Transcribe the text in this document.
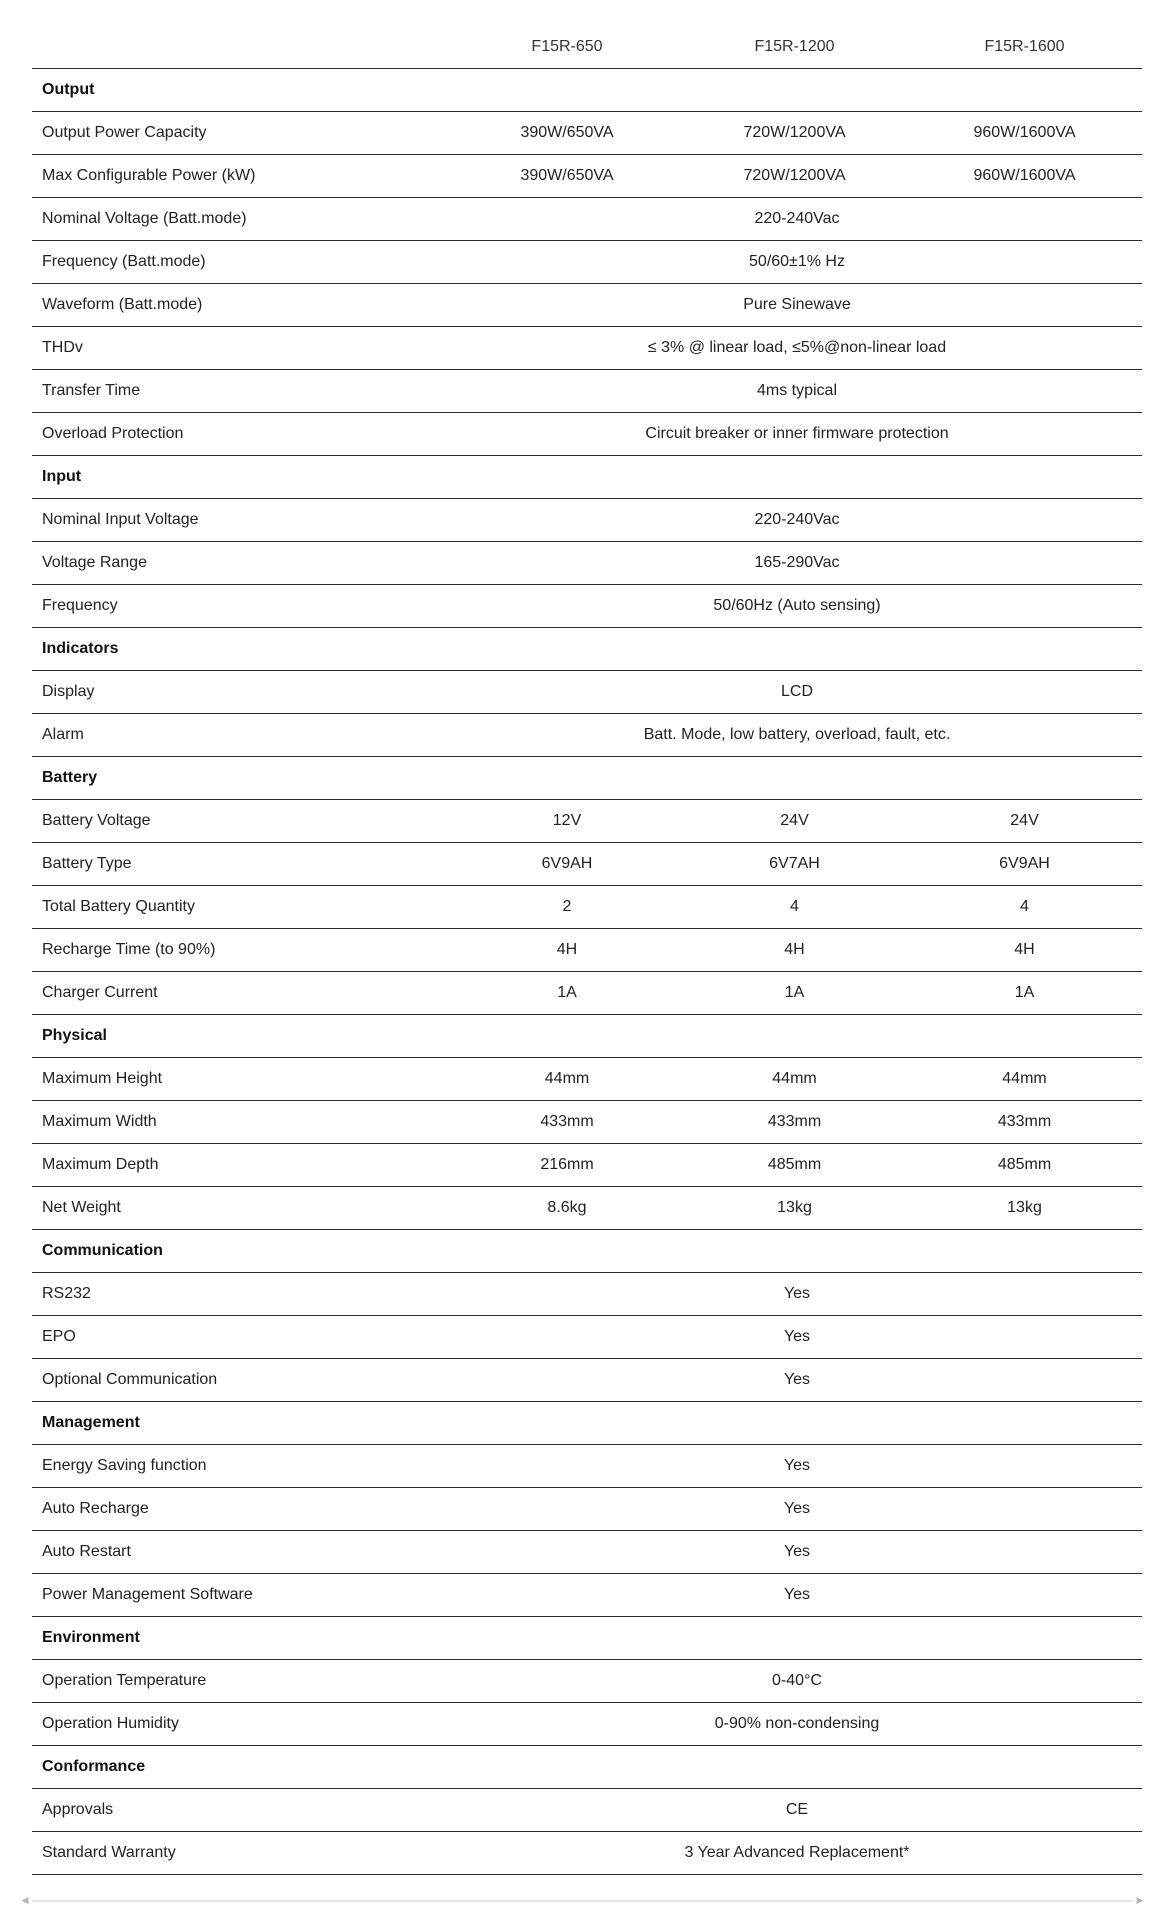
	F15R-650	F15R-1200	F15R-1600
Output			
Output Power Capacity	390W/650VA	720W/1200VA	960W/1600VA
Max Configurable Power (kW)	390W/650VA	720W/1200VA	960W/1600VA
Nominal Voltage (Batt.mode)	220-240Vac		
Frequency (Batt.mode)	50/60±1% Hz		
Waveform (Batt.mode)	Pure Sinewave		
THDv	≤ 3% @ linear load, ≤5%@non-linear load		
Transfer Time	4ms typical		
Overload Protection	Circuit breaker or inner firmware protection		
Input			
Nominal Input Voltage	220-240Vac		
Voltage Range	165-290Vac		
Frequency	50/60Hz (Auto sensing)		
Indicators			
Display	LCD		
Alarm	Batt. Mode, low battery, overload, fault, etc.		
Battery			
Battery Voltage	12V	24V	24V
Battery Type	6V9AH	6V7AH	6V9AH
Total Battery Quantity	2	4	4
Recharge Time (to 90%)	4H	4H	4H
Charger Current	1A	1A	1A
Physical			
Maximum Height	44mm	44mm	44mm
Maximum Width	433mm	433mm	433mm
Maximum Depth	216mm	485mm	485mm
Net Weight	8.6kg	13kg	13kg
Communication			
RS232	Yes		
EPO	Yes		
Optional Communication	Yes		
Management			
Energy Saving function	Yes		
Auto Recharge	Yes		
Auto Restart	Yes		
Power Management Software	Yes		
Environment			
Operation Temperature	0-40°C		
Operation Humidity	0-90% non-condensing		
Conformance			
Approvals	CE		
Standard Warranty	3 Year Advanced Replacement*		
◀	▶
